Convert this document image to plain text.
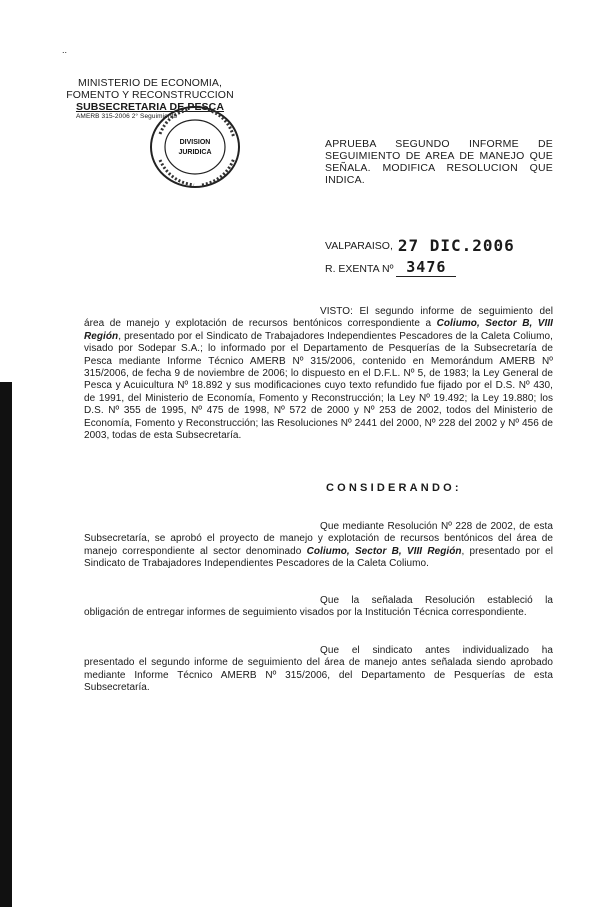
..
MINISTERIO DE ECONOMIA,
FOMENTO Y RECONSTRUCCION
SUBSECRETARIA DE PESCA
AMERB 315-2006 2° Seguimiento
DIVISION
JURIDICA
APRUEBA SEGUNDO INFORME DE SEGUIMIENTO DE AREA DE MANEJO QUE SEÑALA. MODIFICA RESOLUCION QUE INDICA.
VALPARAISO, 27 DIC.2006
R. EXENTA Nº 3476
VISTO: El segundo informe de seguimiento del área de manejo y explotación de recursos bentónicos correspondiente a Coliumo, Sector B, VIII Región, presentado por el Sindicato de Trabajadores Independientes Pescadores de la Caleta Coliumo, visado por Sodepar S.A.; lo informado por el Departamento de Pesquerías de la Subsecretaría de Pesca mediante Informe Técnico AMERB Nº 315/2006, contenido en Memorándum AMERB Nº 315/2006, de fecha 9 de noviembre de 2006; lo dispuesto en el D.F.L. Nº 5, de 1983; la Ley General de Pesca y Acuicultura Nº 18.892 y sus modificaciones cuyo texto refundido fue fijado por el D.S. Nº 430, de 1991, del Ministerio de Economía, Fomento y Reconstrucción; la Ley Nº 19.492; la Ley 19.880; los D.S. Nº 355 de 1995, Nº 475 de 1998, Nº 572 de 2000 y Nº 253 de 2002, todos del Ministerio de Economía, Fomento y Reconstrucción; las Resoluciones Nº 2441 del 2000, Nº 228 del 2002 y Nº 456 de 2003, todas de esta Subsecretaría.
CONSIDERANDO:
Que mediante Resolución Nº 228 de 2002, de esta Subsecretaría, se aprobó el proyecto de manejo y explotación de recursos bentónicos del área de manejo correspondiente al sector denominado Coliumo, Sector B, VIII Región, presentado por el Sindicato de Trabajadores Independientes Pescadores de la Caleta Coliumo.
Que la señalada Resolución estableció la obligación de entregar informes de seguimiento visados por la Institución Técnica correspondiente.
Que el sindicato antes individualizado ha presentado el segundo informe de seguimiento del área de manejo antes señalada siendo aprobado mediante Informe Técnico AMERB Nº 315/2006, del Departamento de Pesquerías de esta Subsecretaría.
